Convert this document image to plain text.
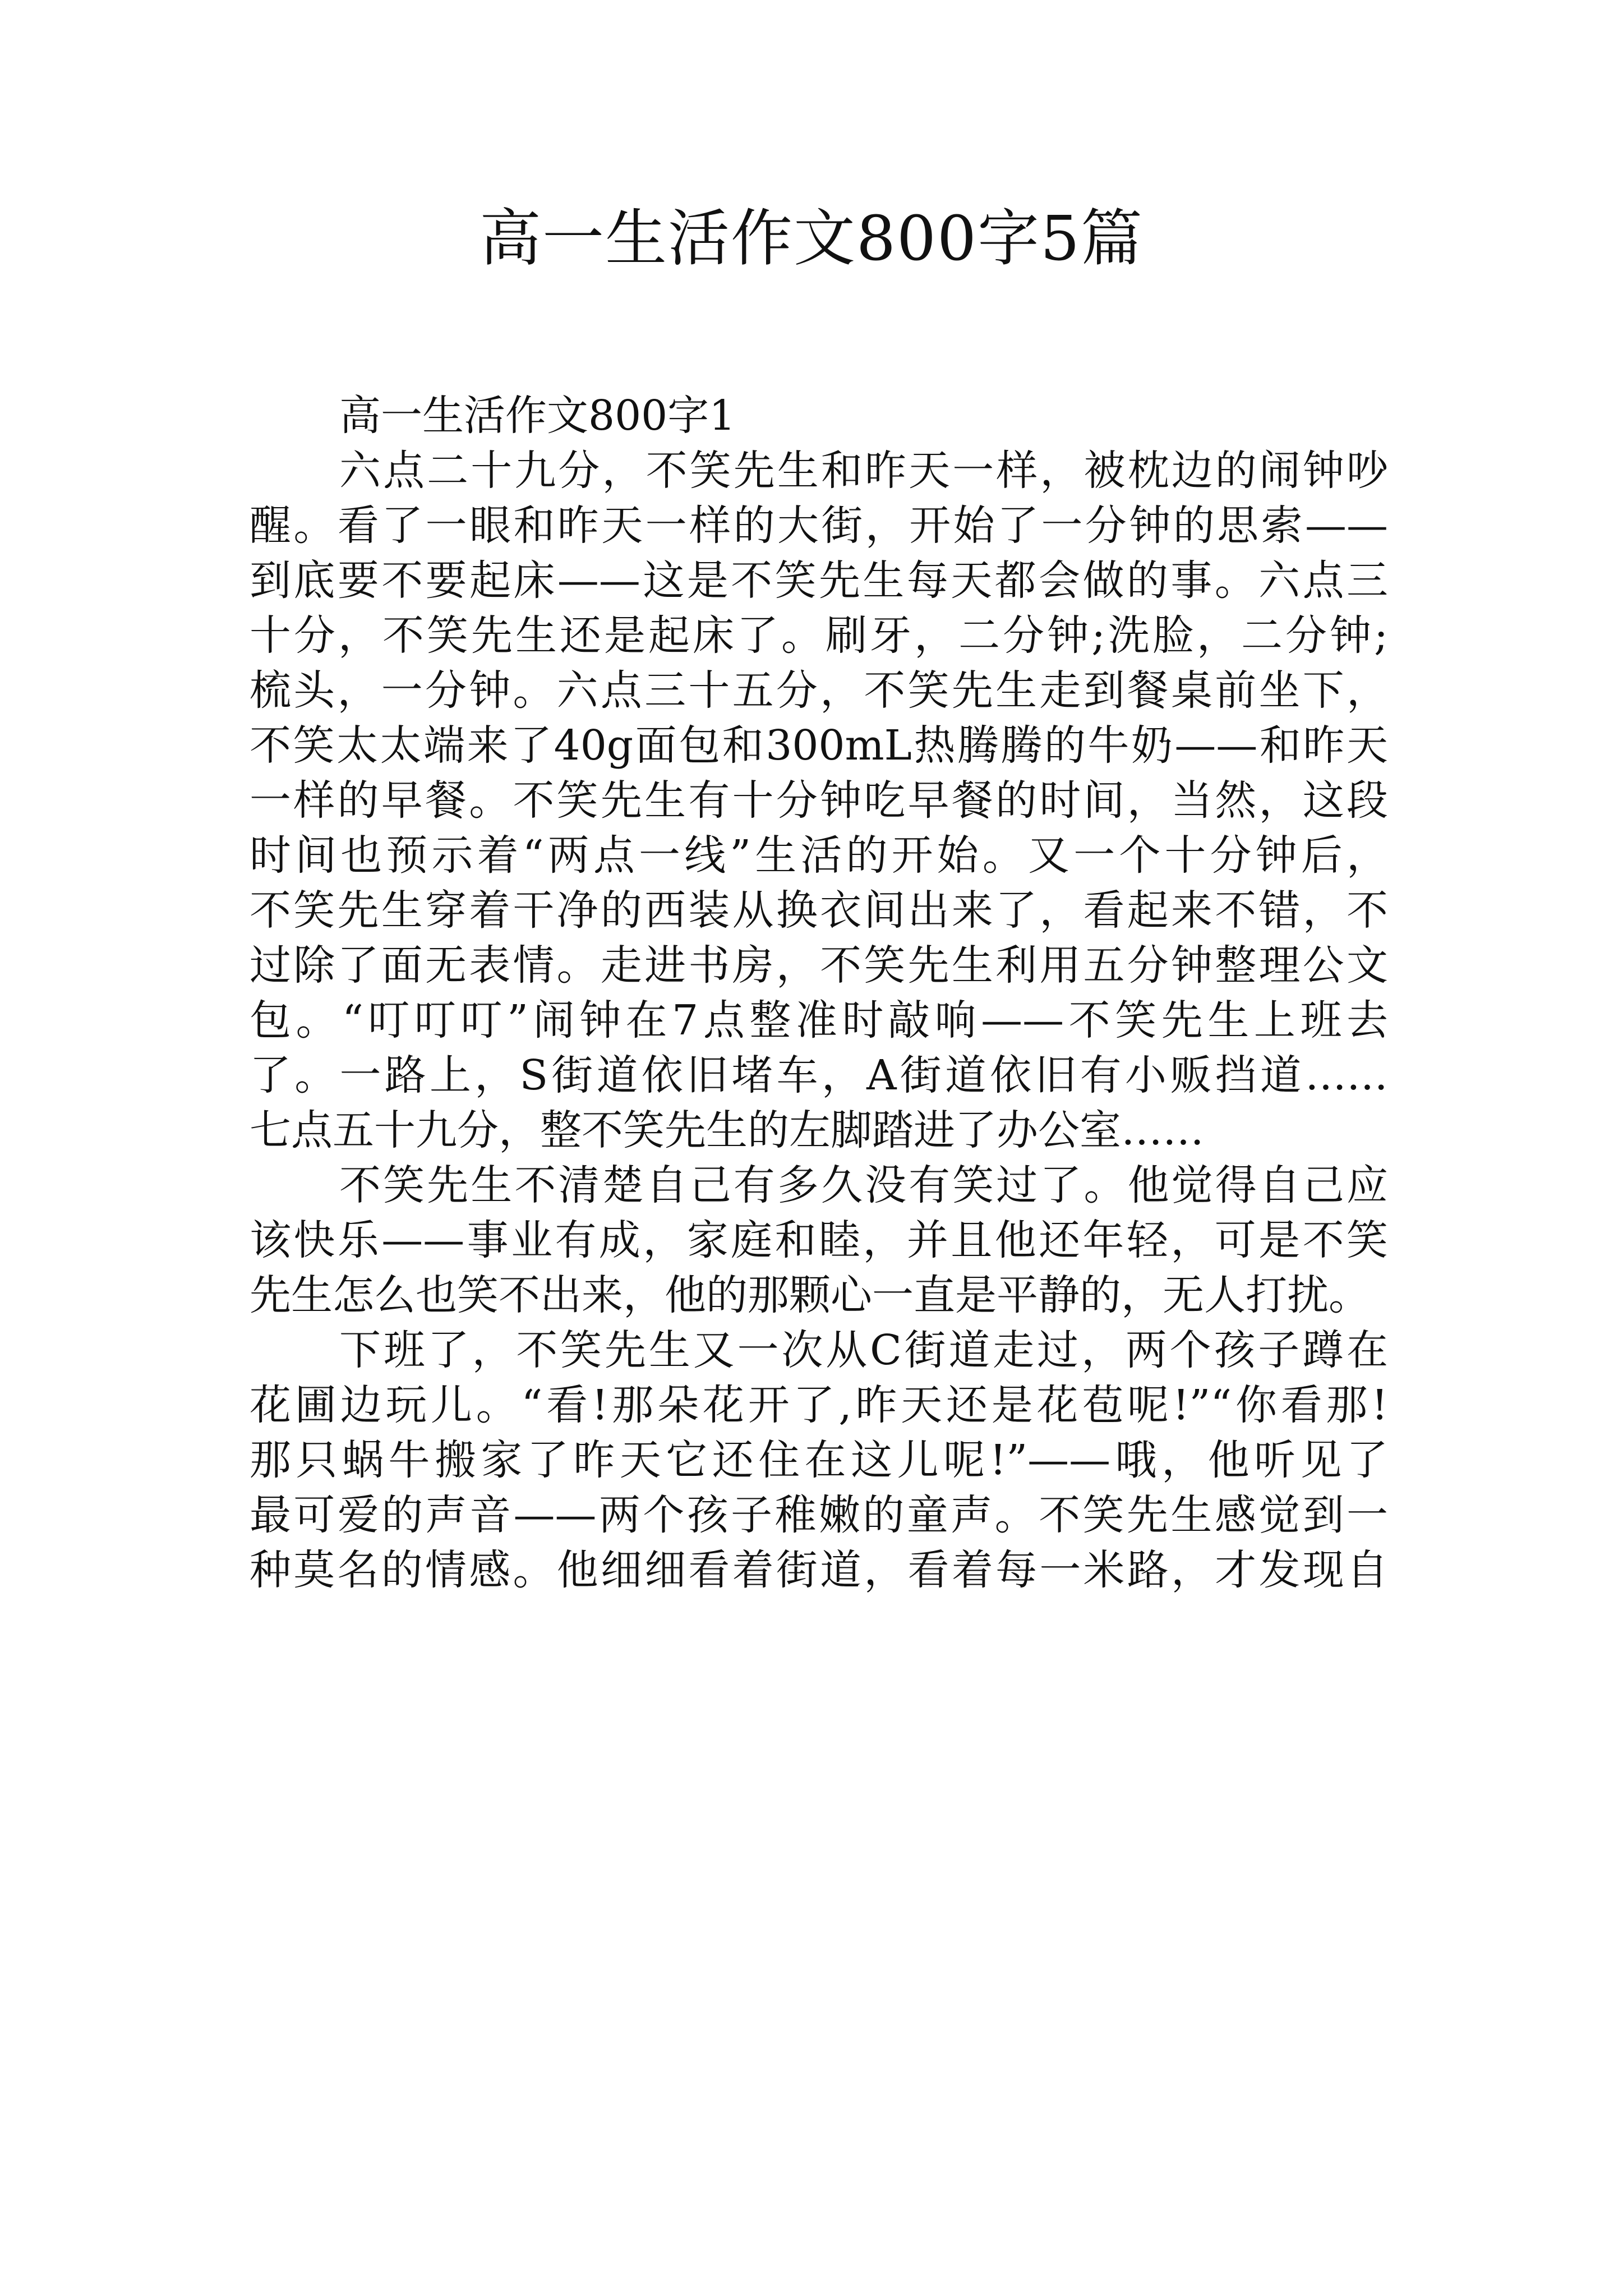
高一生活作文800字5篇
高一生活作文800字1
六点二十九分，不笑先生和昨天一样，被枕边的闹钟吵
醒。看了一眼和昨天一样的大街，开始了一分钟的思索——
到底要不要起床——这是不笑先生每天都会做的事。六点三
十分，不笑先生还是起床了。刷牙，二分钟;洗脸，二分钟;
梳头，一分钟。六点三十五分，不笑先生走到餐桌前坐下，
不笑太太端来了40g面包和300mL热腾腾的牛奶——和昨天
一样的早餐。不笑先生有十分钟吃早餐的时间，当然，这段
时间也预示着“两点一线”生活的开始。又一个十分钟后，
不笑先生穿着干净的西装从换衣间出来了，看起来不错，不
过除了面无表情。走进书房，不笑先生利用五分钟整理公文
包。“叮叮叮”闹钟在7点整准时敲响——不笑先生上班去
了。一路上，S街道依旧堵车，A街道依旧有小贩挡道……
七点五十九分，整不笑先生的左脚踏进了办公室……
不笑先生不清楚自己有多久没有笑过了。他觉得自己应
该快乐——事业有成，家庭和睦，并且他还年轻，可是不笑
先生怎么也笑不出来，他的那颗心一直是平静的，无人打扰。
下班了，不笑先生又一次从C街道走过，两个孩子蹲在
花圃边玩儿。“看!那朵花开了,昨天还是花苞呢!”“你看那!
那只蜗牛搬家了昨天它还住在这儿呢!”——哦，他听见了
最可爱的声音——两个孩子稚嫩的童声。不笑先生感觉到一
种莫名的情感。他细细看着街道，看着每一米路，才发现自
